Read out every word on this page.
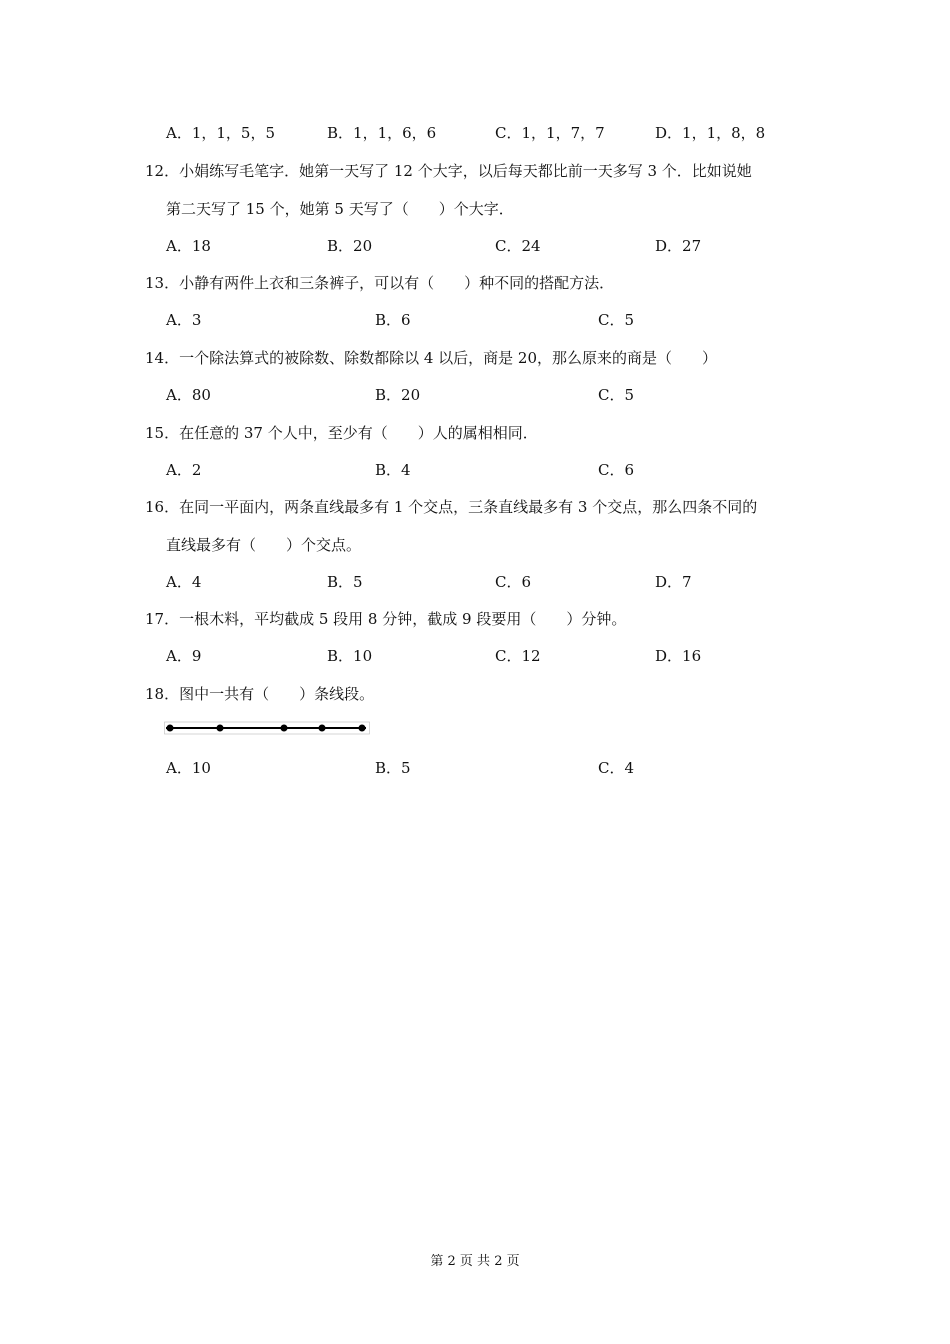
A．1，1，5，5	B．1，1，6，6	C．1，1，7，7	D．1，1，8，8
12．小娟练写毛笔字．她第一天写了 12 个大字，以后每天都比前一天多写 3 个．比如说她
第二天写了 15 个，她第 5 天写了（　　）个大字．
A．18	B．20	C．24	D．27
13．小静有两件上衣和三条裤子，可以有（　　）种不同的搭配方法．
A．3	B．6	C．5
14．一个除法算式的被除数、除数都除以 4 以后，商是 20，那么原来的商是（　　）
A．80	B．20	C．5
15．在任意的 37 个人中，至少有（　　）人的属相相同．
A．2	B．4	C．6
16．在同一平面内，两条直线最多有 1 个交点，三条直线最多有 3 个交点，那么四条不同的
直线最多有（　　）个交点。
A．4	B．5	C．6	D．7
17．一根木料，平均截成 5 段用 8 分钟，截成 9 段要用（　　）分钟。
A．9	B．10	C．12	D．16
18．图中一共有（　　）条线段。
A．10	B．5	C．4
第 2 页 共 2 页
